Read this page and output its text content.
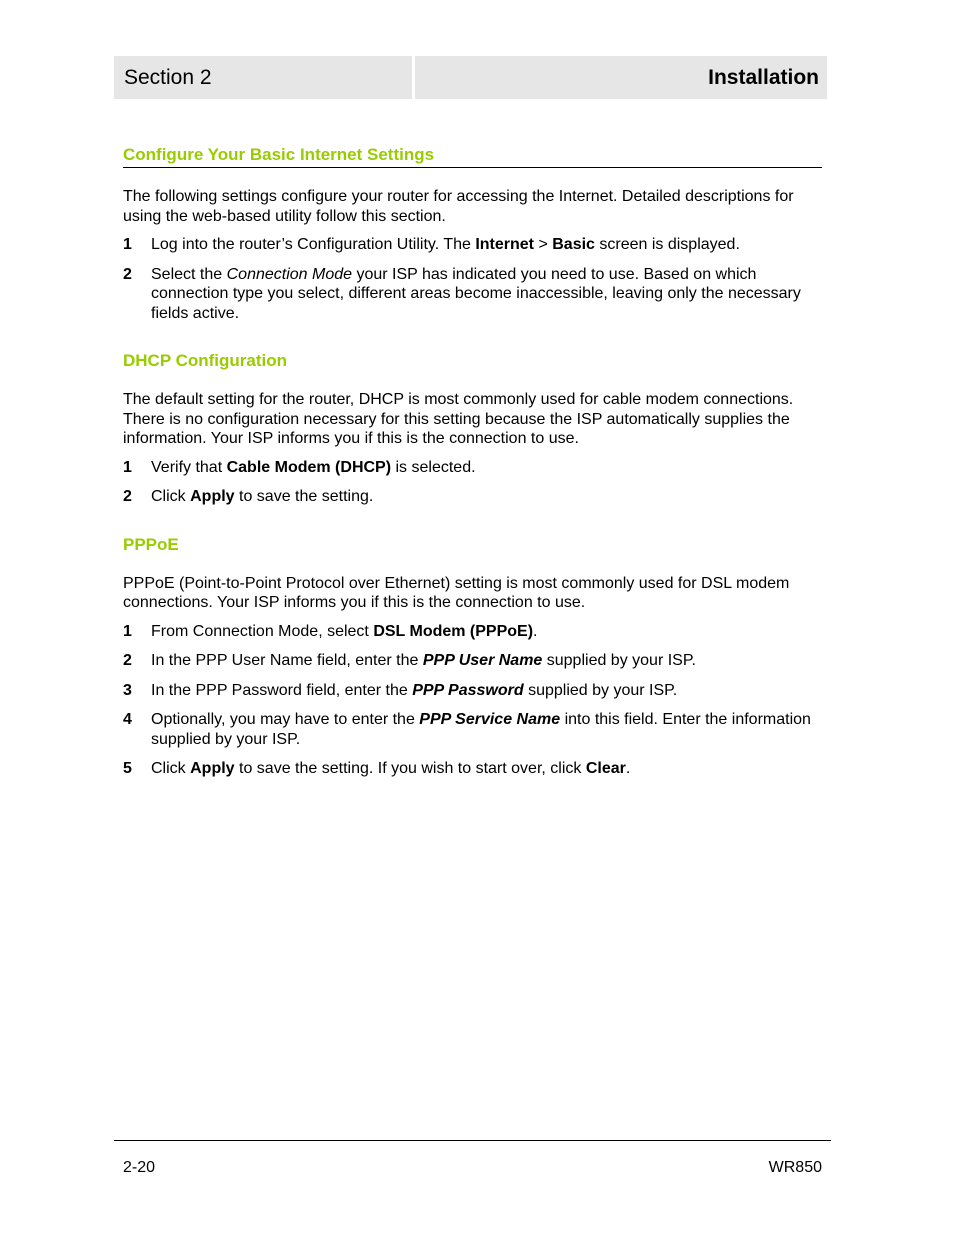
Section 2	Installation
Configure Your Basic Internet Settings

The following settings configure your router for accessing the Internet. Detailed descriptions for using the web-based utility follow this section.

1	Log into the router’s Configuration Utility. The Internet > Basic screen is displayed.
2	Select the Connection Mode your ISP has indicated you need to use. Based on which connection type you select, different areas become inaccessible, leaving only the necessary fields active.
DHCP Configuration

The default setting for the router, DHCP is most commonly used for cable modem connections. There is no configuration necessary for this setting because the ISP automatically supplies the information. Your ISP informs you if this is the connection to use.

1	Verify that Cable Modem (DHCP) is selected.
2	Click Apply to save the setting.
PPPoE

PPPoE (Point-to-Point Protocol over Ethernet) setting is most commonly used for DSL modem connections. Your ISP informs you if this is the connection to use.

1	From Connection Mode, select DSL Modem (PPPoE).
2	In the PPP User Name field, enter the PPP User Name supplied by your ISP.
3	In the PPP Password field, enter the PPP Password supplied by your ISP.
4	Optionally, you may have to enter the PPP Service Name into this field. Enter the information supplied by your ISP.
5	Click Apply to save the setting. If you wish to start over, click Clear.
2-20	WR850
